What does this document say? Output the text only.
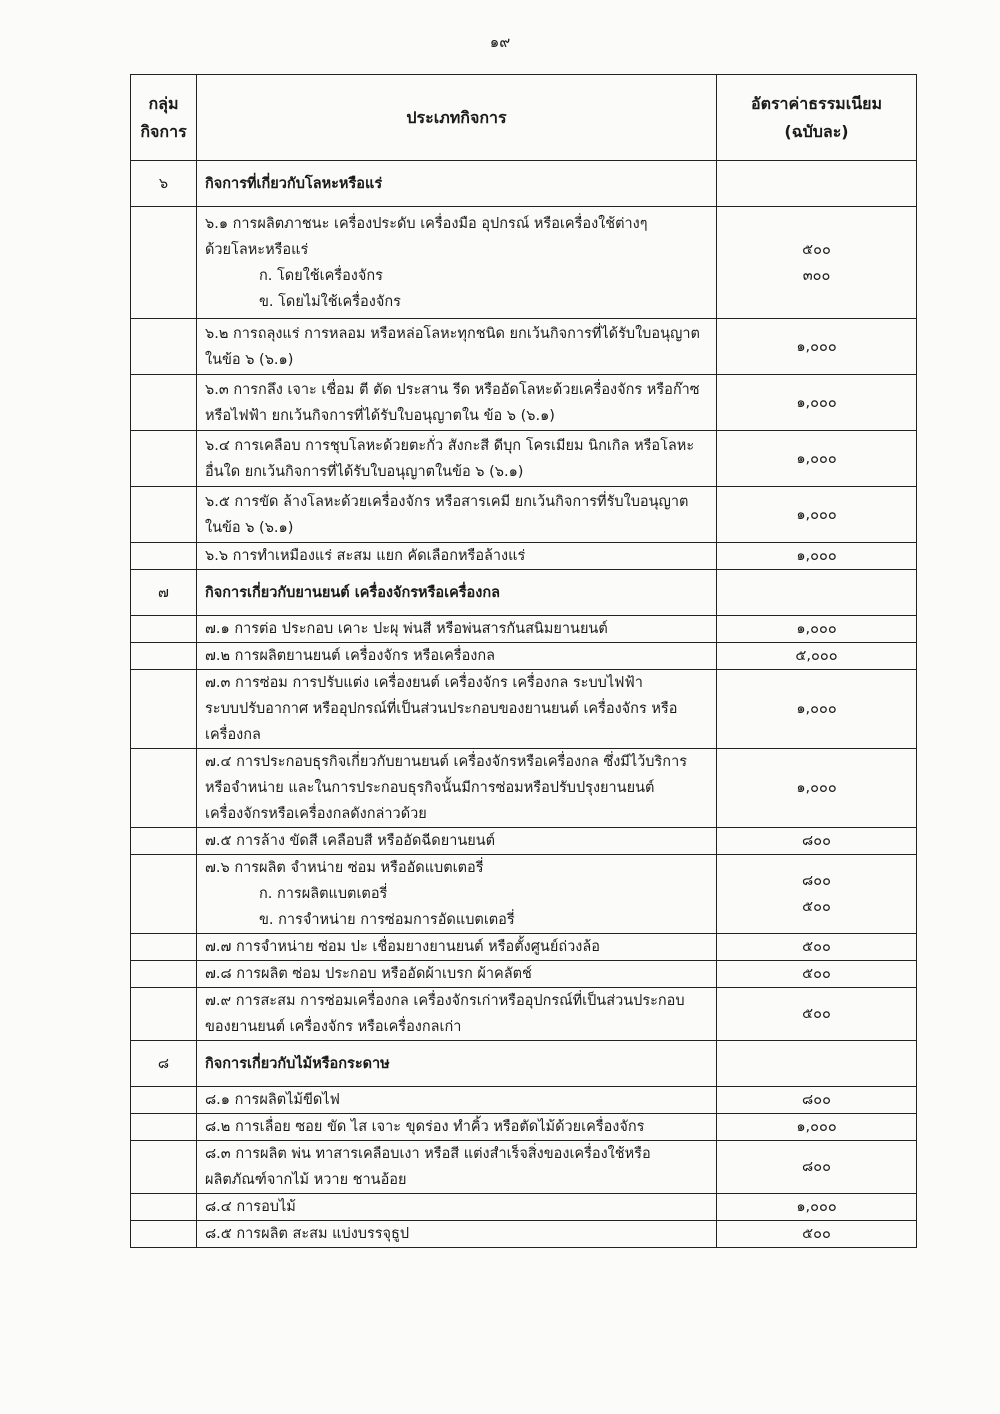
๑๙
กลุ่ม
กิจการ	ประเภทกิจการ	อัตราค่าธรรมเนียม
(ฉบับละ)

๖	กิจการที่เกี่ยวกับโลหะหรือแร่	

	๖.๑ การผลิตภาชนะ เครื่องประดับ เครื่องมือ อุปกรณ์ หรือเครื่องใช้ต่างๆ
ด้วยโลหะหรือแร่
ก. โดยใช้เครื่องจักร
ข. โดยไม่ใช้เครื่องจักร	๕๐๐
๓๐๐

	๖.๒ การถลุงแร่ การหลอม หรือหล่อโลหะทุกชนิด ยกเว้นกิจการที่ได้รับใบอนุญาต
ในข้อ ๖ (๖.๑)	๑,๐๐๐

	๖.๓ การกลึง เจาะ เชื่อม ตี ตัด ประสาน รีด หรืออัดโลหะด้วยเครื่องจักร หรือก๊าซ
หรือไฟฟ้า ยกเว้นกิจการที่ได้รับใบอนุญาตใน ข้อ ๖ (๖.๑)	๑,๐๐๐

	๖.๔ การเคลือบ การชุบโลหะด้วยตะกั่ว สังกะสี ดีบุก โครเมียม นิกเกิล หรือโลหะ
อื่นใด ยกเว้นกิจการที่ได้รับใบอนุญาตในข้อ ๖ (๖.๑)	๑,๐๐๐

	๖.๕ การขัด ล้างโลหะด้วยเครื่องจักร หรือสารเคมี ยกเว้นกิจการที่รับใบอนุญาต
ในข้อ ๖ (๖.๑)	๑,๐๐๐

	๖.๖ การทำเหมืองแร่ สะสม แยก คัดเลือกหรือล้างแร่	๑,๐๐๐

๗	กิจการเกี่ยวกับยานยนต์ เครื่องจักรหรือเครื่องกล	

	๗.๑ การต่อ ประกอบ เคาะ ปะผุ พ่นสี หรือพ่นสารกันสนิมยานยนต์	๑,๐๐๐

	๗.๒ การผลิตยานยนต์ เครื่องจักร หรือเครื่องกล	๕,๐๐๐

	๗.๓ การซ่อม การปรับแต่ง เครื่องยนต์ เครื่องจักร เครื่องกล ระบบไฟฟ้า
ระบบปรับอากาศ หรืออุปกรณ์ที่เป็นส่วนประกอบของยานยนต์ เครื่องจักร หรือ
เครื่องกล	๑,๐๐๐

	๗.๔ การประกอบธุรกิจเกี่ยวกับยานยนต์ เครื่องจักรหรือเครื่องกล ซึ่งมีไว้บริการ
หรือจำหน่าย และในการประกอบธุรกิจนั้นมีการซ่อมหรือปรับปรุงยานยนต์
เครื่องจักรหรือเครื่องกลดังกล่าวด้วย	๑,๐๐๐

	๗.๕ การล้าง ขัดสี เคลือบสี หรืออัดฉีดยานยนต์	๘๐๐

	๗.๖ การผลิต จำหน่าย ซ่อม หรืออัดแบตเตอรี่
ก. การผลิตแบตเตอรี่
ข. การจำหน่าย การซ่อมการอัดแบตเตอรี่	๘๐๐
๕๐๐

	๗.๗ การจำหน่าย ซ่อม ปะ เชื่อมยางยานยนต์ หรือตั้งศูนย์ถ่วงล้อ	๕๐๐

	๗.๘ การผลิต ซ่อม ประกอบ หรืออัดผ้าเบรก ผ้าคลัตช์	๕๐๐

	๗.๙ การสะสม การซ่อมเครื่องกล เครื่องจักรเก่าหรืออุปกรณ์ที่เป็นส่วนประกอบ
ของยานยนต์ เครื่องจักร หรือเครื่องกลเก่า	๕๐๐

๘	กิจการเกี่ยวกับไม้หรือกระดาษ	

	๘.๑ การผลิตไม้ขีดไฟ	๘๐๐

	๘.๒ การเลื่อย ซอย ขัด ไส เจาะ ขุดร่อง ทำคิ้ว หรือตัดไม้ด้วยเครื่องจักร	๑,๐๐๐

	๘.๓ การผลิต พ่น ทาสารเคลือบเงา หรือสี แต่งสำเร็จสิ่งของเครื่องใช้หรือ
ผลิตภัณฑ์จากไม้ หวาย ชานอ้อย	๘๐๐

	๘.๔ การอบไม้	๑,๐๐๐

	๘.๕ การผลิต สะสม แบ่งบรรจุธูป	๕๐๐
